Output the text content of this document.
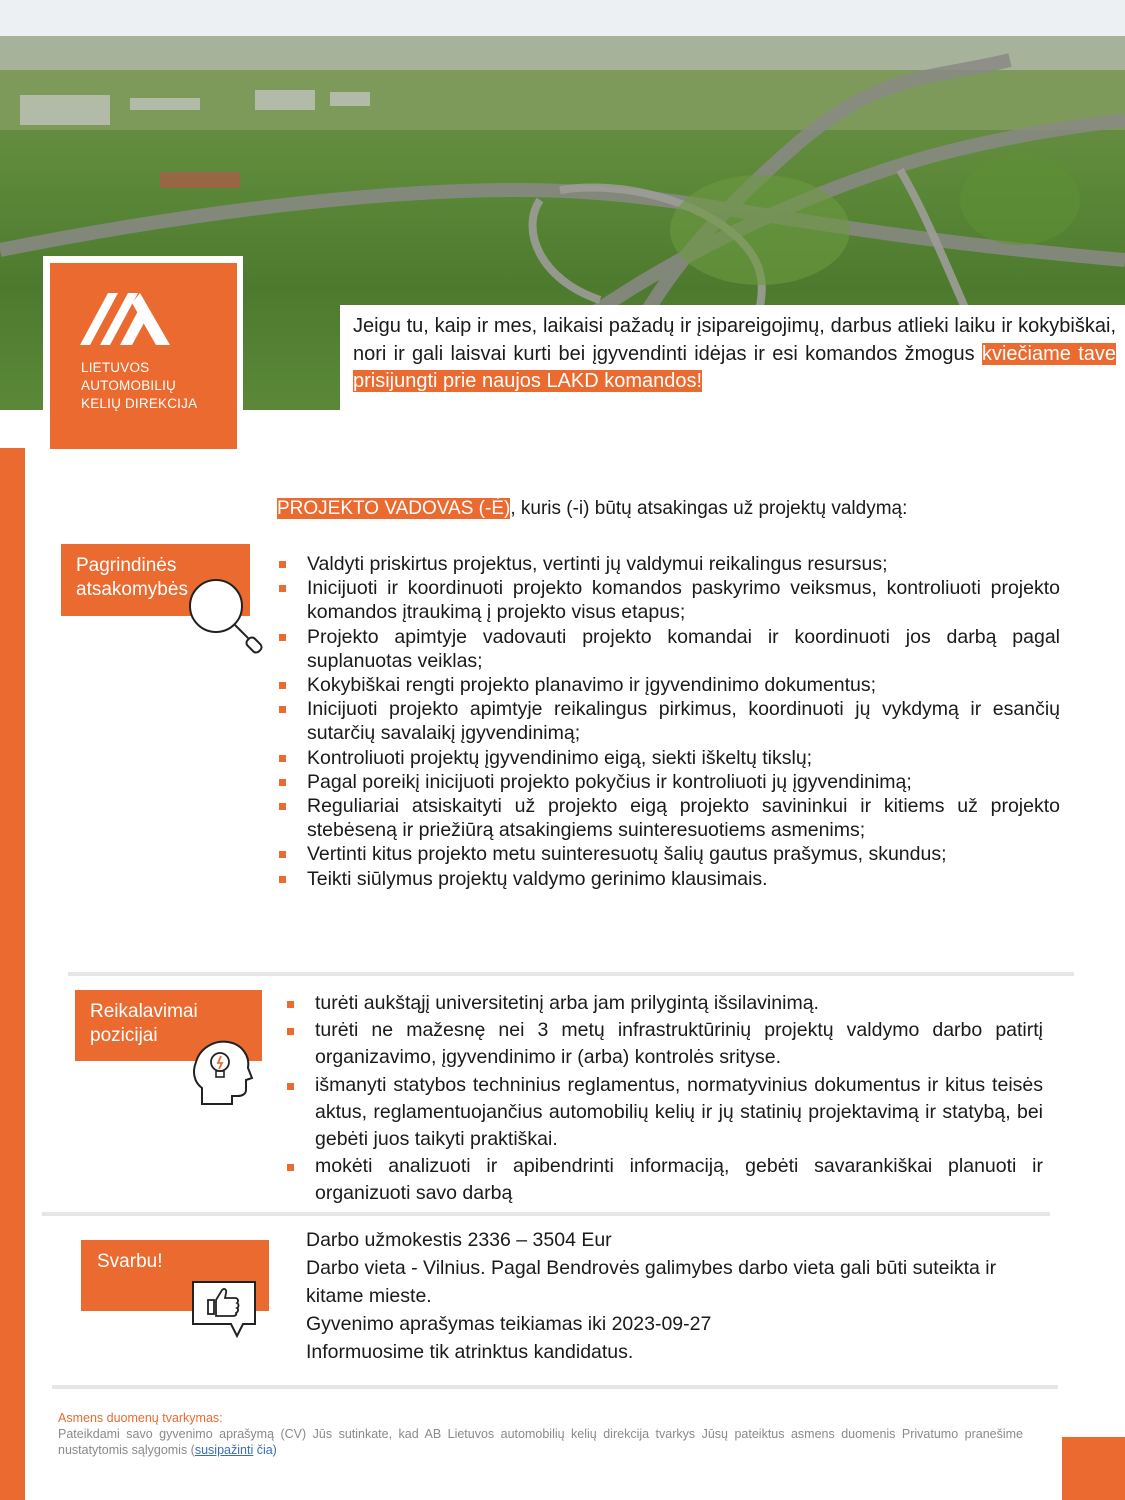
LIETUVOS
AUTOMOBILIŲ
KELIŲ DIREKCIJA
Jeigu tu, kaip ir mes, laikaisi pažadų ir įsipareigojimų, darbus atlieki laiku ir kokybiškai, nori ir gali laisvai kurti bei įgyvendinti idėjas ir esi komandos žmogus kviečiame tave prisijungti prie naujos LAKD komandos!
PROJEKTO VADOVAS (-Ė), kuris (-i) būtų atsakingas už projektų valdymą:
Pagrindinės atsakomybės
Valdyti priskirtus projektus, vertinti jų valdymui reikalingus resursus;
Inicijuoti ir koordinuoti projekto komandos paskyrimo veiksmus, kontroliuoti projekto komandos įtraukimą į projekto visus etapus;
Projekto apimtyje vadovauti projekto komandai ir koordinuoti jos darbą pagal suplanuotas veiklas;
Kokybiškai rengti projekto planavimo ir įgyvendinimo dokumentus;
Inicijuoti projekto apimtyje reikalingus pirkimus, koordinuoti jų vykdymą ir esančių sutarčių savalaikį įgyvendinimą;
Kontroliuoti projektų įgyvendinimo eigą, siekti iškeltų tikslų;
Pagal poreikį inicijuoti projekto pokyčius ir kontroliuoti jų įgyvendinimą;
Reguliariai atsiskaityti už projekto eigą projekto savininkui ir kitiems už projekto stebėseną ir priežiūrą atsakingiems suinteresuotiems asmenims;
Vertinti kitus projekto metu suinteresuotų šalių gautus prašymus, skundus;
Teikti siūlymus projektų valdymo gerinimo klausimais.
Reikalavimai pozicijai
turėti aukštąjį universitetinį arba jam prilygintą išsilavinimą.
turėti ne mažesnę nei 3 metų infrastruktūrinių projektų valdymo darbo patirtį organizavimo, įgyvendinimo ir (arba) kontrolės srityse.
išmanyti statybos techninius reglamentus, normatyvinius dokumentus ir kitus teisės aktus, reglamentuojančius automobilių kelių ir jų statinių projektavimą ir statybą, bei gebėti juos taikyti praktiškai.
mokėti analizuoti ir apibendrinti informaciją, gebėti savarankiškai planuoti ir organizuoti savo darbą
Svarbu!
Darbo užmokestis 2336 – 3504 Eur
Darbo vieta - Vilnius. Pagal Bendrovės galimybes darbo vieta gali būti suteikta ir kitame mieste.
Gyvenimo aprašymas teikiamas iki 2023-09-27
Informuosime tik atrinktus kandidatus.
Asmens duomenų tvarkymas:
Pateikdami savo gyvenimo aprašymą (CV) Jūs sutinkate, kad AB Lietuvos automobilių kelių direkcija tvarkys Jūsų pateiktus asmens duomenis Privatumo pranešime nustatytomis sąlygomis (susipažinti čia)
